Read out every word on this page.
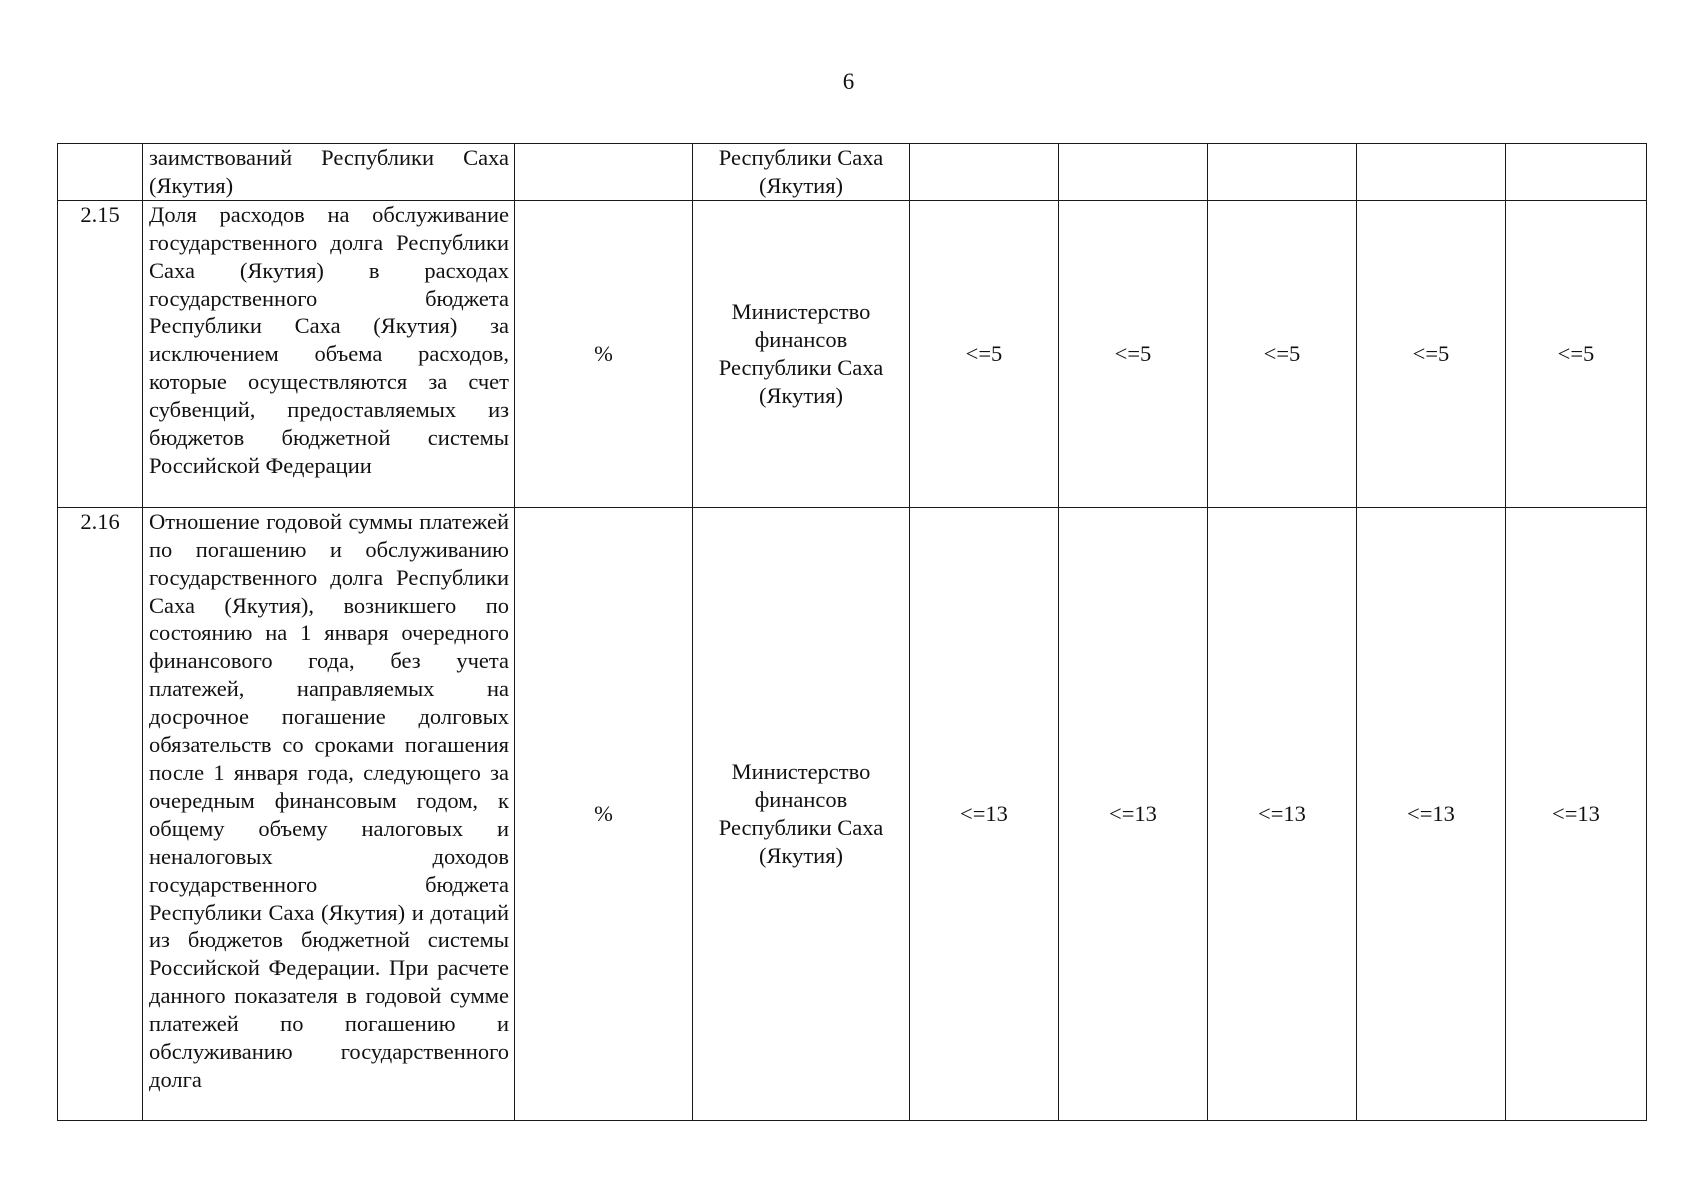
6
	заимствований Республики Саха (Якутия)		Республики Саха (Якутия)					
2.15	Доля расходов на обслуживание государственного долга Республики Саха (Якутия) в расходах государственного бюджета Республики Саха (Якутия) за исключением объема расходов, которые осуществляются за счет субвенций, предоставляемых из бюджетов бюджетной системы Российской Федерации	%	Министерство финансов Республики Саха (Якутия)	<=5	<=5	<=5	<=5	<=5
2.16	Отношение годовой суммы платежей по погашению и обслуживанию государственного долга Республики Саха (Якутия), возникшего по состоянию на 1 января очередного финансового года, без учета платежей, направляемых на досрочное погашение долговых обязательств со сроками погашения после 1 января года, следующего за очередным финансовым годом, к общему объему налоговых и неналоговых доходов государственного бюджета Республики Саха (Якутия) и дотаций из бюджетов бюджетной системы Российской Федерации. При расчете данного показателя в годовой сумме платежей по погашению и обслуживанию государственного долга	%	Министерство финансов Республики Саха (Якутия)	<=13	<=13	<=13	<=13	<=13
